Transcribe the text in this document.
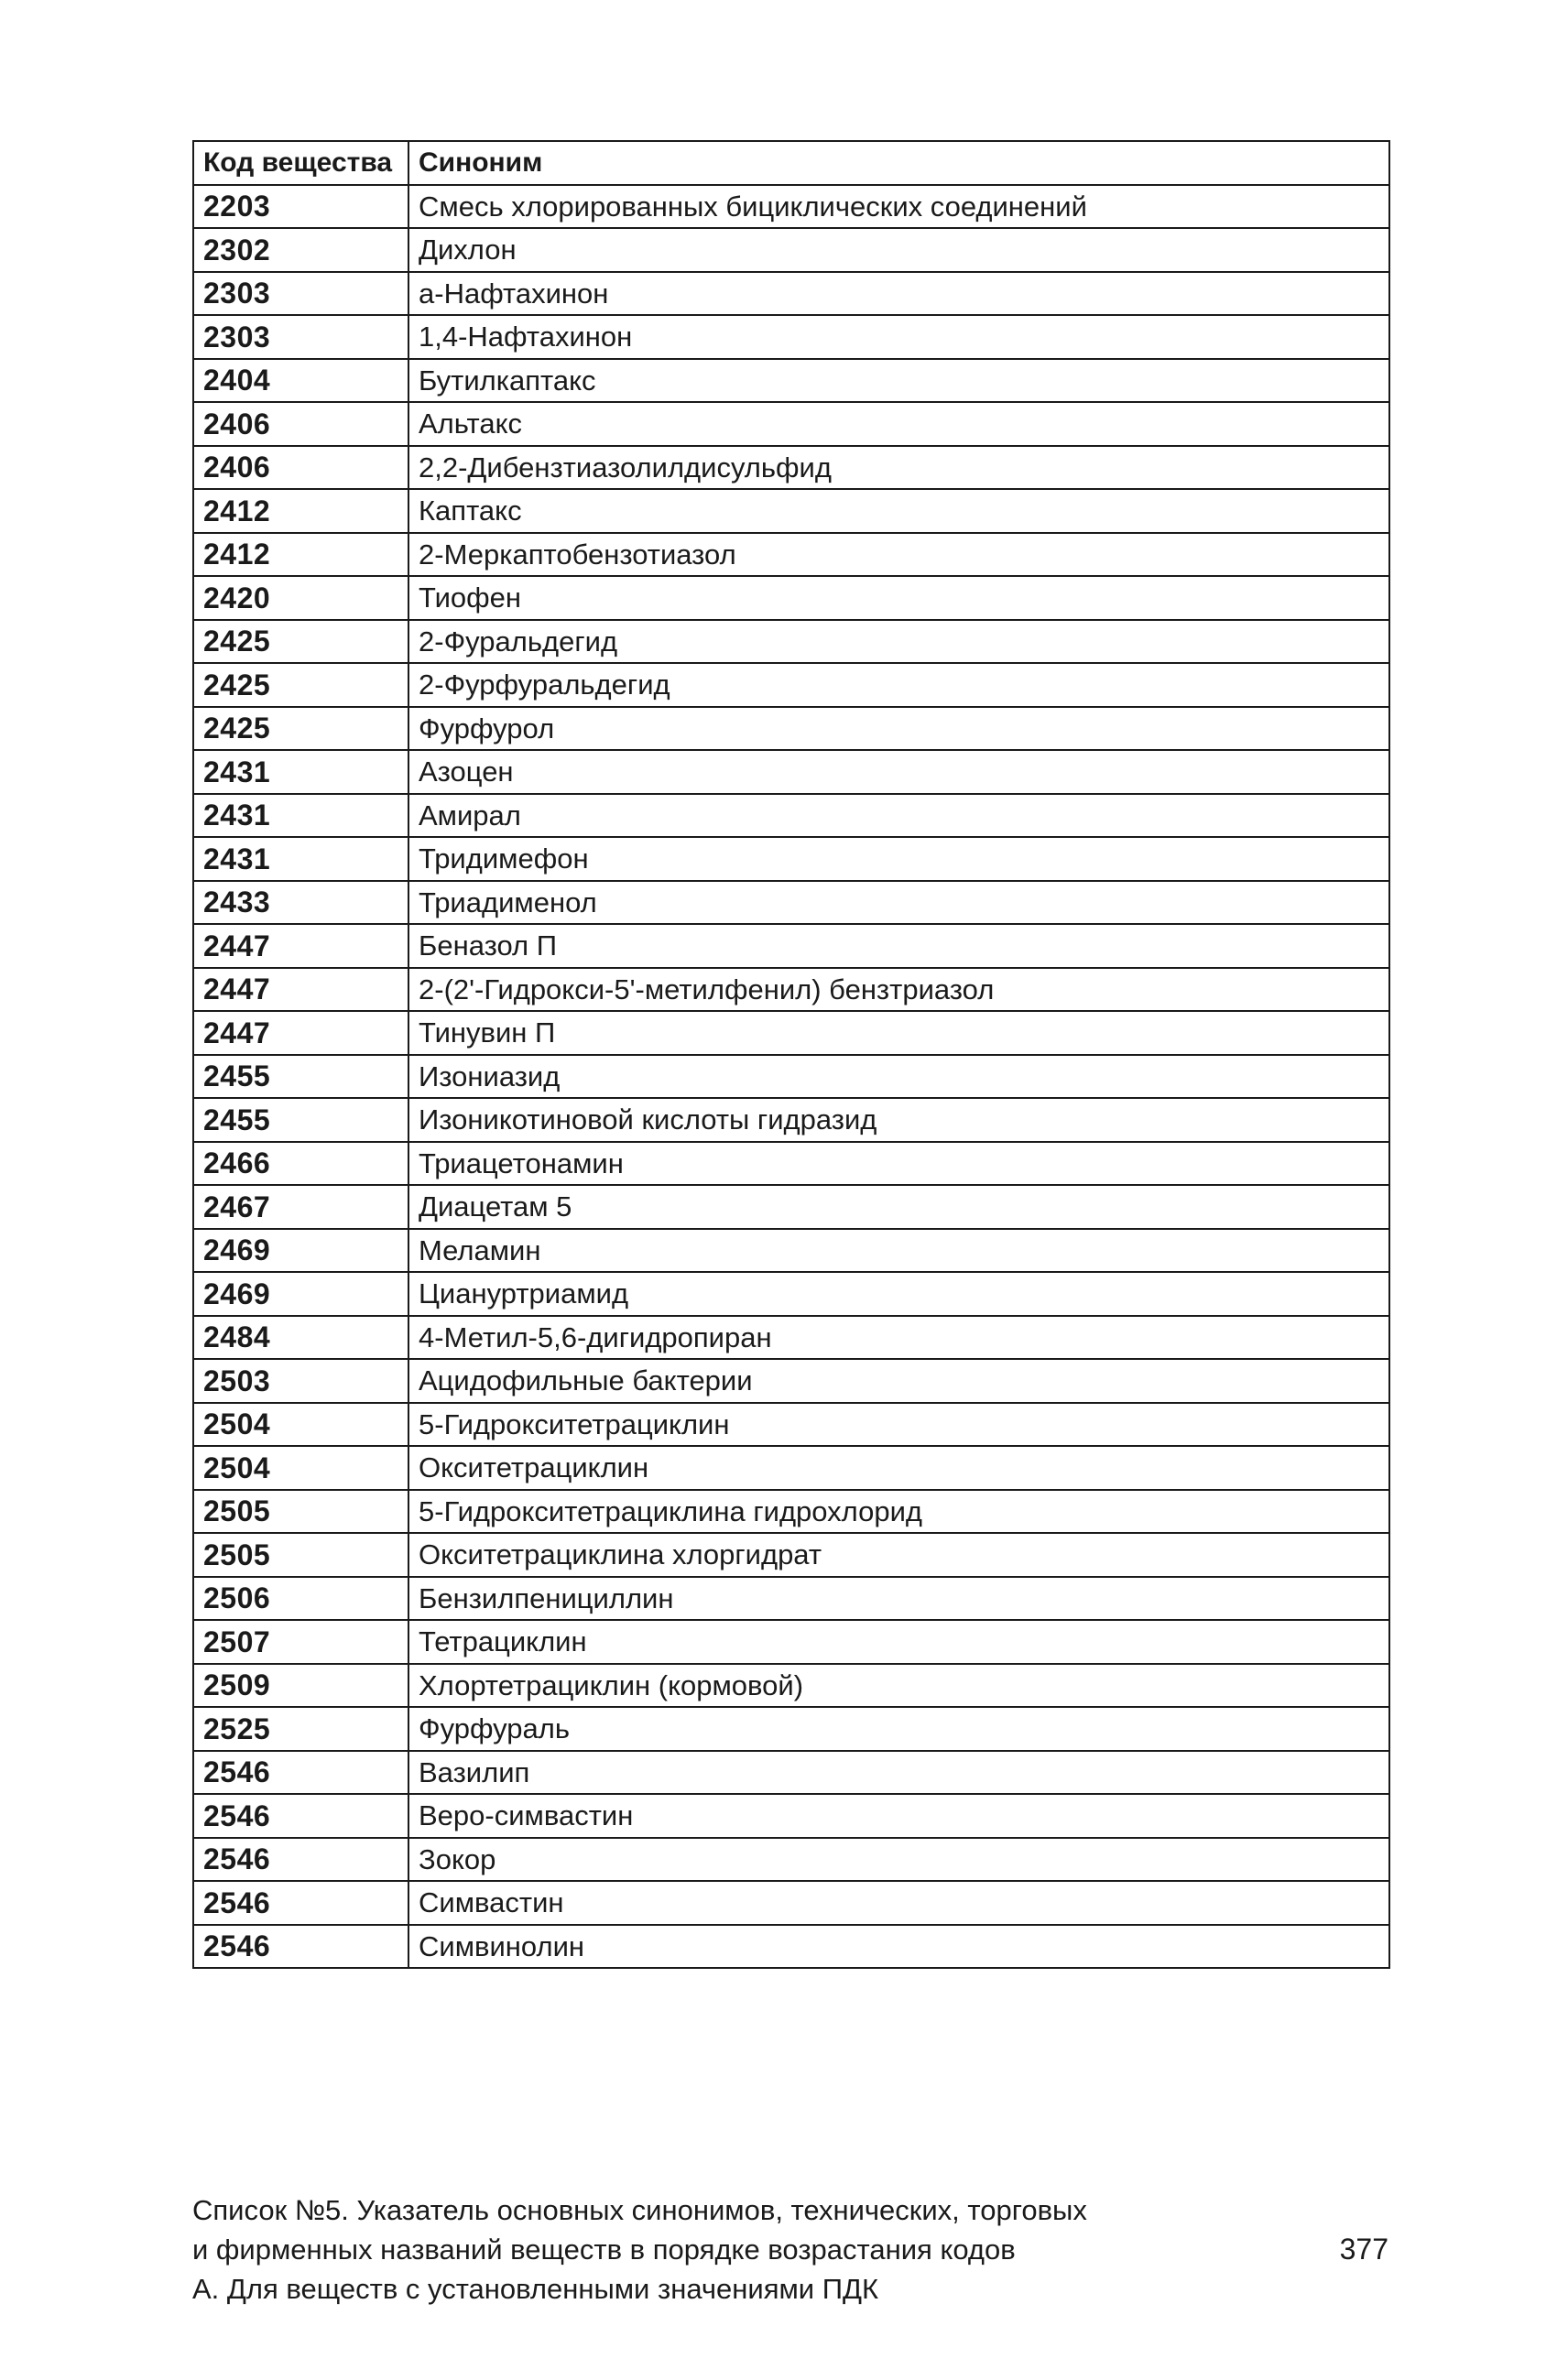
Код вещества	Синоним
2203	Смесь хлорированных бициклических соединений
2302	Дихлон
2303	а-Нафтахинон
2303	1,4-Нафтахинон
2404	Бутилкаптакс
2406	Альтакс
2406	2,2-Дибензтиазолилдисульфид
2412	Каптакс
2412	2-Меркаптобензотиазол
2420	Тиофен
2425	2-Фуральдегид
2425	2-Фурфуральдегид
2425	Фурфурол
2431	Азоцен
2431	Амирал
2431	Тридимефон
2433	Триадименол
2447	Беназол П
2447	2-(2'-Гидрокси-5'-метилфенил) бензтриазол
2447	Тинувин П
2455	Изониазид
2455	Изоникотиновой кислоты гидразид
2466	Триацетонамин
2467	Диацетам 5
2469	Меламин
2469	Циануртриамид
2484	4-Метил-5,6-дигидропиран
2503	Ацидофильные бактерии
2504	5-Гидрокситетрациклин
2504	Окситетрациклин
2505	5-Гидрокситетрациклина гидрохлорид
2505	Окситетрациклина хлоргидрат
2506	Бензилпенициллин
2507	Тетрациклин
2509	Хлортетрациклин (кормовой)
2525	Фурфураль
2546	Вазилип
2546	Веро-симвастин
2546	Зокор
2546	Симвастин
2546	Симвинолин
Список №5. Указатель основных синонимов, технических, торговых
и фирменных названий веществ в порядке возрастания кодов
А. Для веществ с установленными значениями ПДК
377
